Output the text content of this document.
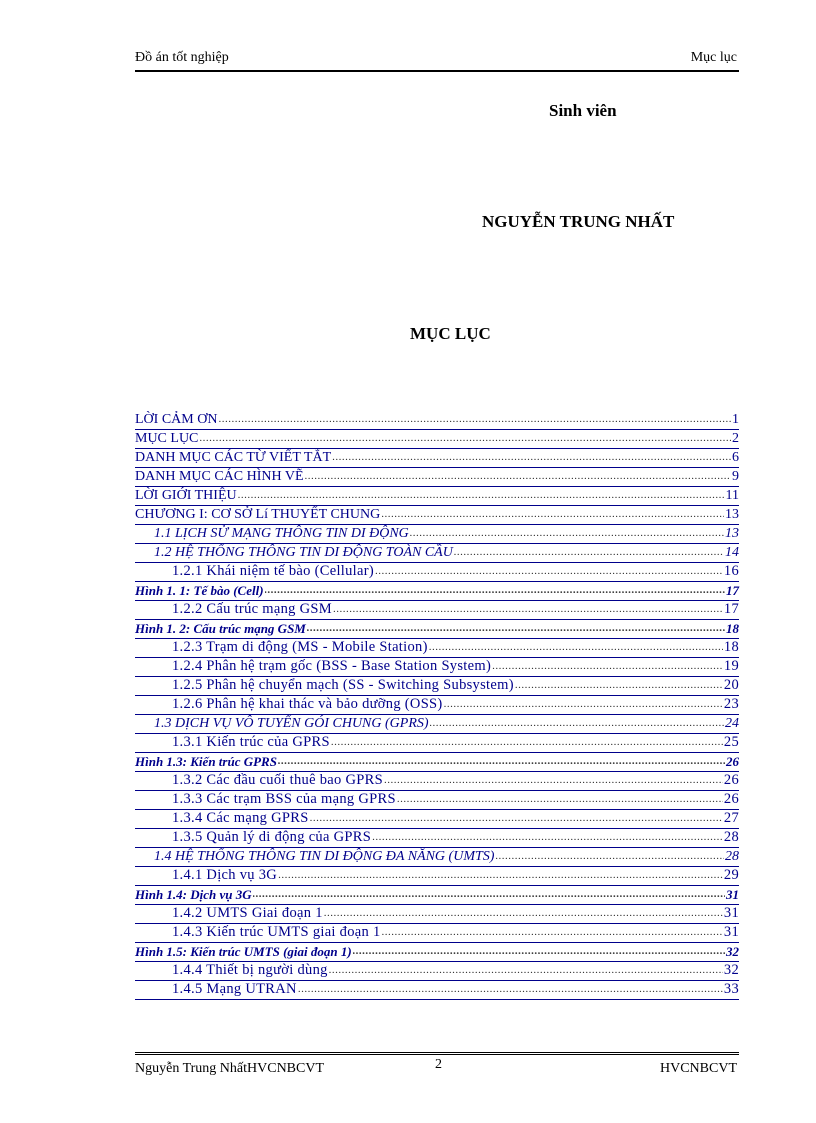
Đồ án tốt nghiệp	Mục lục
Sinh viên
NGUYỄN TRUNG NHẤT
MỤC LỤC
LỜI CẢM ƠN .....	1
MỤC LỤC .....	2
DANH MỤC CÁC TỪ VIẾT TẮT .....	6
DANH MỤC CÁC HÌNH VẼ .....	9
LỜI GIỚI THIỆU .....	11
CHƯƠNG I: CƠ SỞ Lí THUYẾT CHUNG .....	13
1.1 LỊCH SỬ MẠNG THÔNG TIN DI ĐỘNG .....	13
1.2 HỆ THỐNG THÔNG TIN DI ĐỘNG TOÀN CẦU .....	14
1.2.1 Khái niệm tế bào (Cellular) .....	16
Hình 1. 1: Tế bào (Cell) .....	17
1.2.2 Cấu trúc mạng GSM .....	17
Hình 1. 2: Cấu trúc mạng GSM .....	18
1.2.3 Trạm di động (MS - Mobile Station) .....	18
1.2.4 Phân hệ trạm gốc (BSS - Base Station System) .....	19
1.2.5 Phân hệ chuyển mạch (SS - Switching Subsystem) .....	20
1.2.6 Phân hệ khai thác và bảo dưỡng (OSS) .....	23
1.3 DỊCH VỤ VÔ TUYẾN GÓI CHUNG (GPRS) .....	24
1.3.1 Kiến trúc của GPRS .....	25
Hình 1.3: Kiến trúc GPRS .....	26
1.3.2 Các đầu cuối thuê bao GPRS .....	26
1.3.3 Các trạm BSS của mạng GPRS .....	26
1.3.4 Các mạng GPRS .....	27
1.3.5 Quản lý di động của GPRS .....	28
1.4 HỆ THỐNG THÔNG TIN DI ĐỘNG ĐA NĂNG (UMTS) .....	28
1.4.1 Dịch vụ 3G .....	29
Hình 1.4: Dịch vụ 3G .....	31
1.4.2 UMTS Giai đoạn 1 .....	31
1.4.3 Kiến trúc UMTS giai đoạn 1 .....	31
Hình 1.5: Kiến trúc UMTS (giai đoạn 1) .....	32
1.4.4 Thiết bị người dùng .....	32
1.4.5 Mạng UTRAN .....	33
Nguyễn Trung NhấtHVCNBCVT	2	HVCNBCVT
